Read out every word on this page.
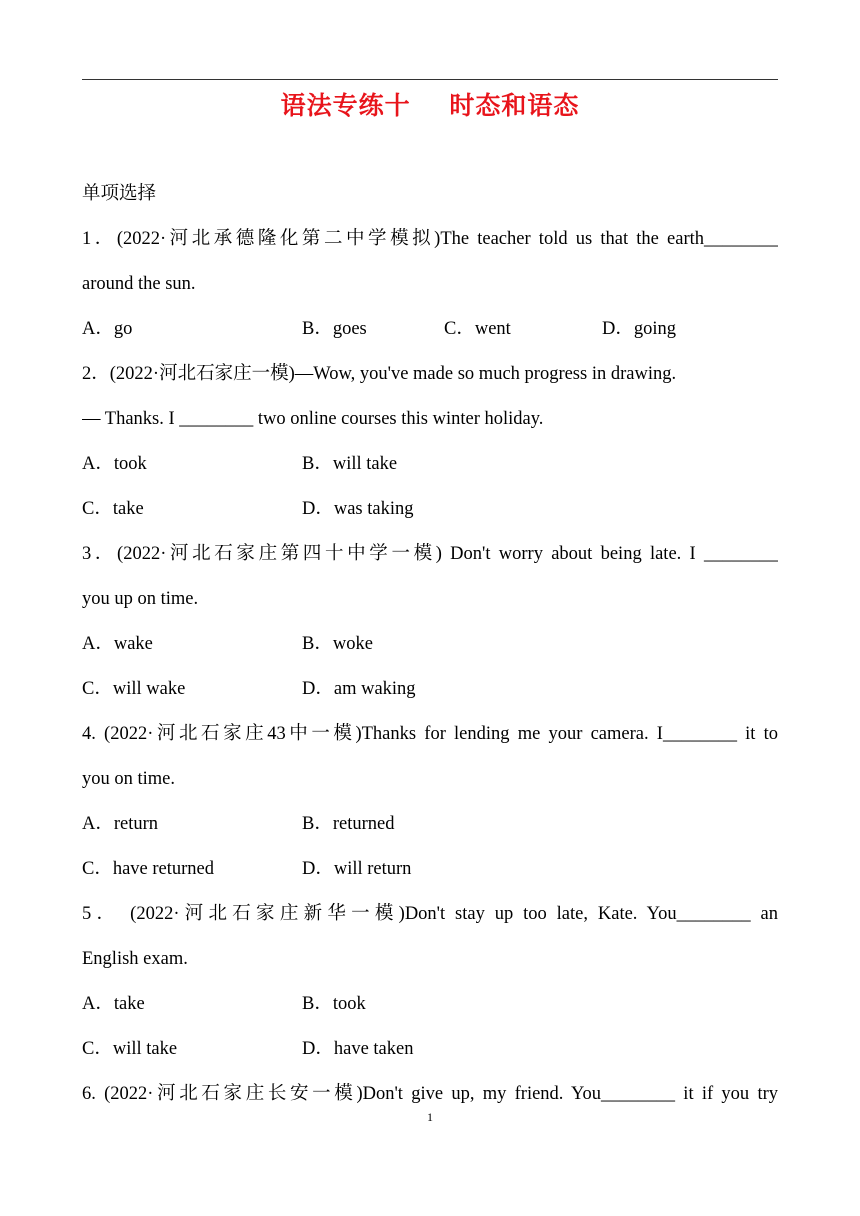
语法专练十    时态和语态
单项选择
1．(2022·河北承德隆化第二中学模拟)The teacher told us that the earth________
around the sun.
A．go	B．goes	C．went	D．going
2．(2022·河北石家庄一模)—Wow, you've made so much progress in drawing.
— Thanks. I ________ two online courses this winter holiday.
A．took	B．will take
C．take	D．was taking
3．(2022·河北石家庄第四十中学一模) Don't worry about being late. I ________
you up on time.
A．wake	B．woke
C．will wake	D．am waking
4. (2022·河北石家庄43中一模)Thanks for lending me your camera. I________ it to
you on time.
A．return	B．returned
C．have returned	D．will return
5． (2022·河北石家庄新华一模)Don't stay up too late, Kate. You________ an
English exam.
A．take	B．took
C．will take	D．have taken
6. (2022·河北石家庄长安一模)Don't give up, my friend. You________ it if you try
1
